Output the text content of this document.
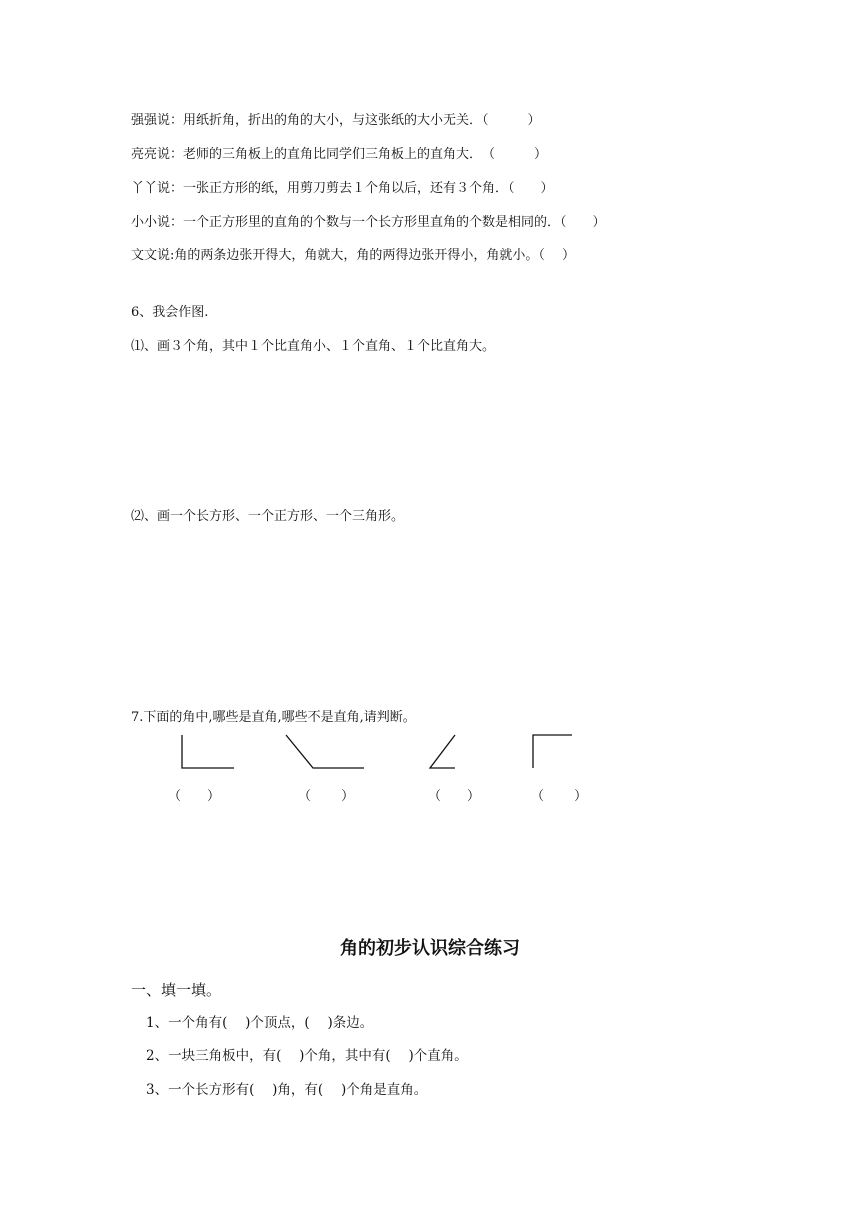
强强说：用纸折角，折出的角的大小，与这张纸的大小无关．（　　　）
亮亮说：老师的三角板上的直角比同学们三角板上的直角大．　（　　　）
丫丫说：一张正方形的纸，用剪刀剪去１个角以后，还有３个角．（　　）
小小说：一个正方形里的直角的个数与一个长方形里直角的个数是相同的．（　　）
文文说:角的两条边张开得大，角就大，角的两得边张开得小，角就小。（　 ）
6、我会作图.
⑴、画３个角，其中１个比直角小、１个直角、１个比直角大。
⑵、画一个长方形、一个正方形、一个三角形。
7.下面的角中,哪些是直角,哪些不是直角,请判断。
（　　）	（　　 ）	（　　）	（　　 ）
角的初步认识综合练习
一、填一填。
1、一个角有(　 )个顶点，(　 )条边。
2、一块三角板中，有(　 )个角，其中有(　 )个直角。
3、一个长方形有(　 )角，有(　 )个角是直角。
